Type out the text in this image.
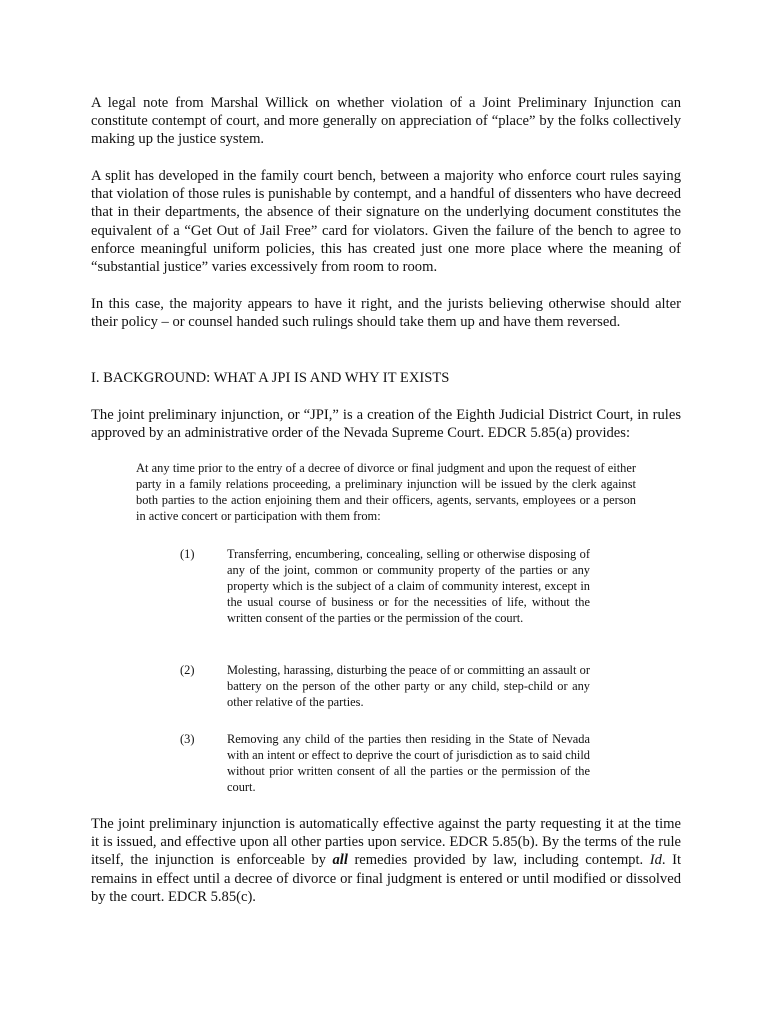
A legal note from Marshal Willick on whether violation of a Joint Preliminary Injunction can constitute contempt of court, and more generally on appreciation of “place” by the folks collectively making up the justice system.

A split has developed in the family court bench, between a majority who enforce court rules saying that violation of those rules is punishable by contempt, and a handful of dissenters who have decreed that in their departments, the absence of their signature on the underlying document constitutes the equivalent of a “Get Out of Jail Free” card for violators. Given the failure of the bench to agree to enforce meaningful uniform policies, this has created just one more place where the meaning of “substantial justice” varies excessively from room to room.

In this case, the majority appears to have it right, and the jurists believing otherwise should alter their policy – or counsel handed such rulings should take them up and have them reversed.

I. BACKGROUND: WHAT A JPI IS AND WHY IT EXISTS

The joint preliminary injunction, or “JPI,” is a creation of the Eighth Judicial District Court, in rules approved by an administrative order of the Nevada Supreme Court. EDCR 5.85(a) provides:

At any time prior to the entry of a decree of divorce or final judgment and upon the request of either party in a family relations proceeding, a preliminary injunction will be issued by the clerk against both parties to the action enjoining them and their officers, agents, servants, employees or a person in active concert or participation with them from:

(1)	Transferring, encumbering, concealing, selling or otherwise disposing of any of the joint, common or community property of the parties or any property which is the subject of a claim of community interest, except in the usual course of business or for the necessities of life, without the written consent of the parties or the permission of the court.
(2)	Molesting, harassing, disturbing the peace of or committing an assault or battery on the person of the other party or any child, step-child or any other relative of the parties.
(3)	Removing any child of the parties then residing in the State of Nevada with an intent or effect to deprive the court of jurisdiction as to said child without prior written consent of all the parties or the permission of the court.

The joint preliminary injunction is automatically effective against the party requesting it at the time it is issued, and effective upon all other parties upon service. EDCR 5.85(b). By the terms of the rule itself, the injunction is enforceable by all remedies provided by law, including contempt. Id. It remains in effect until a decree of divorce or final judgment is entered or until modified or dissolved by the court. EDCR 5.85(c).
